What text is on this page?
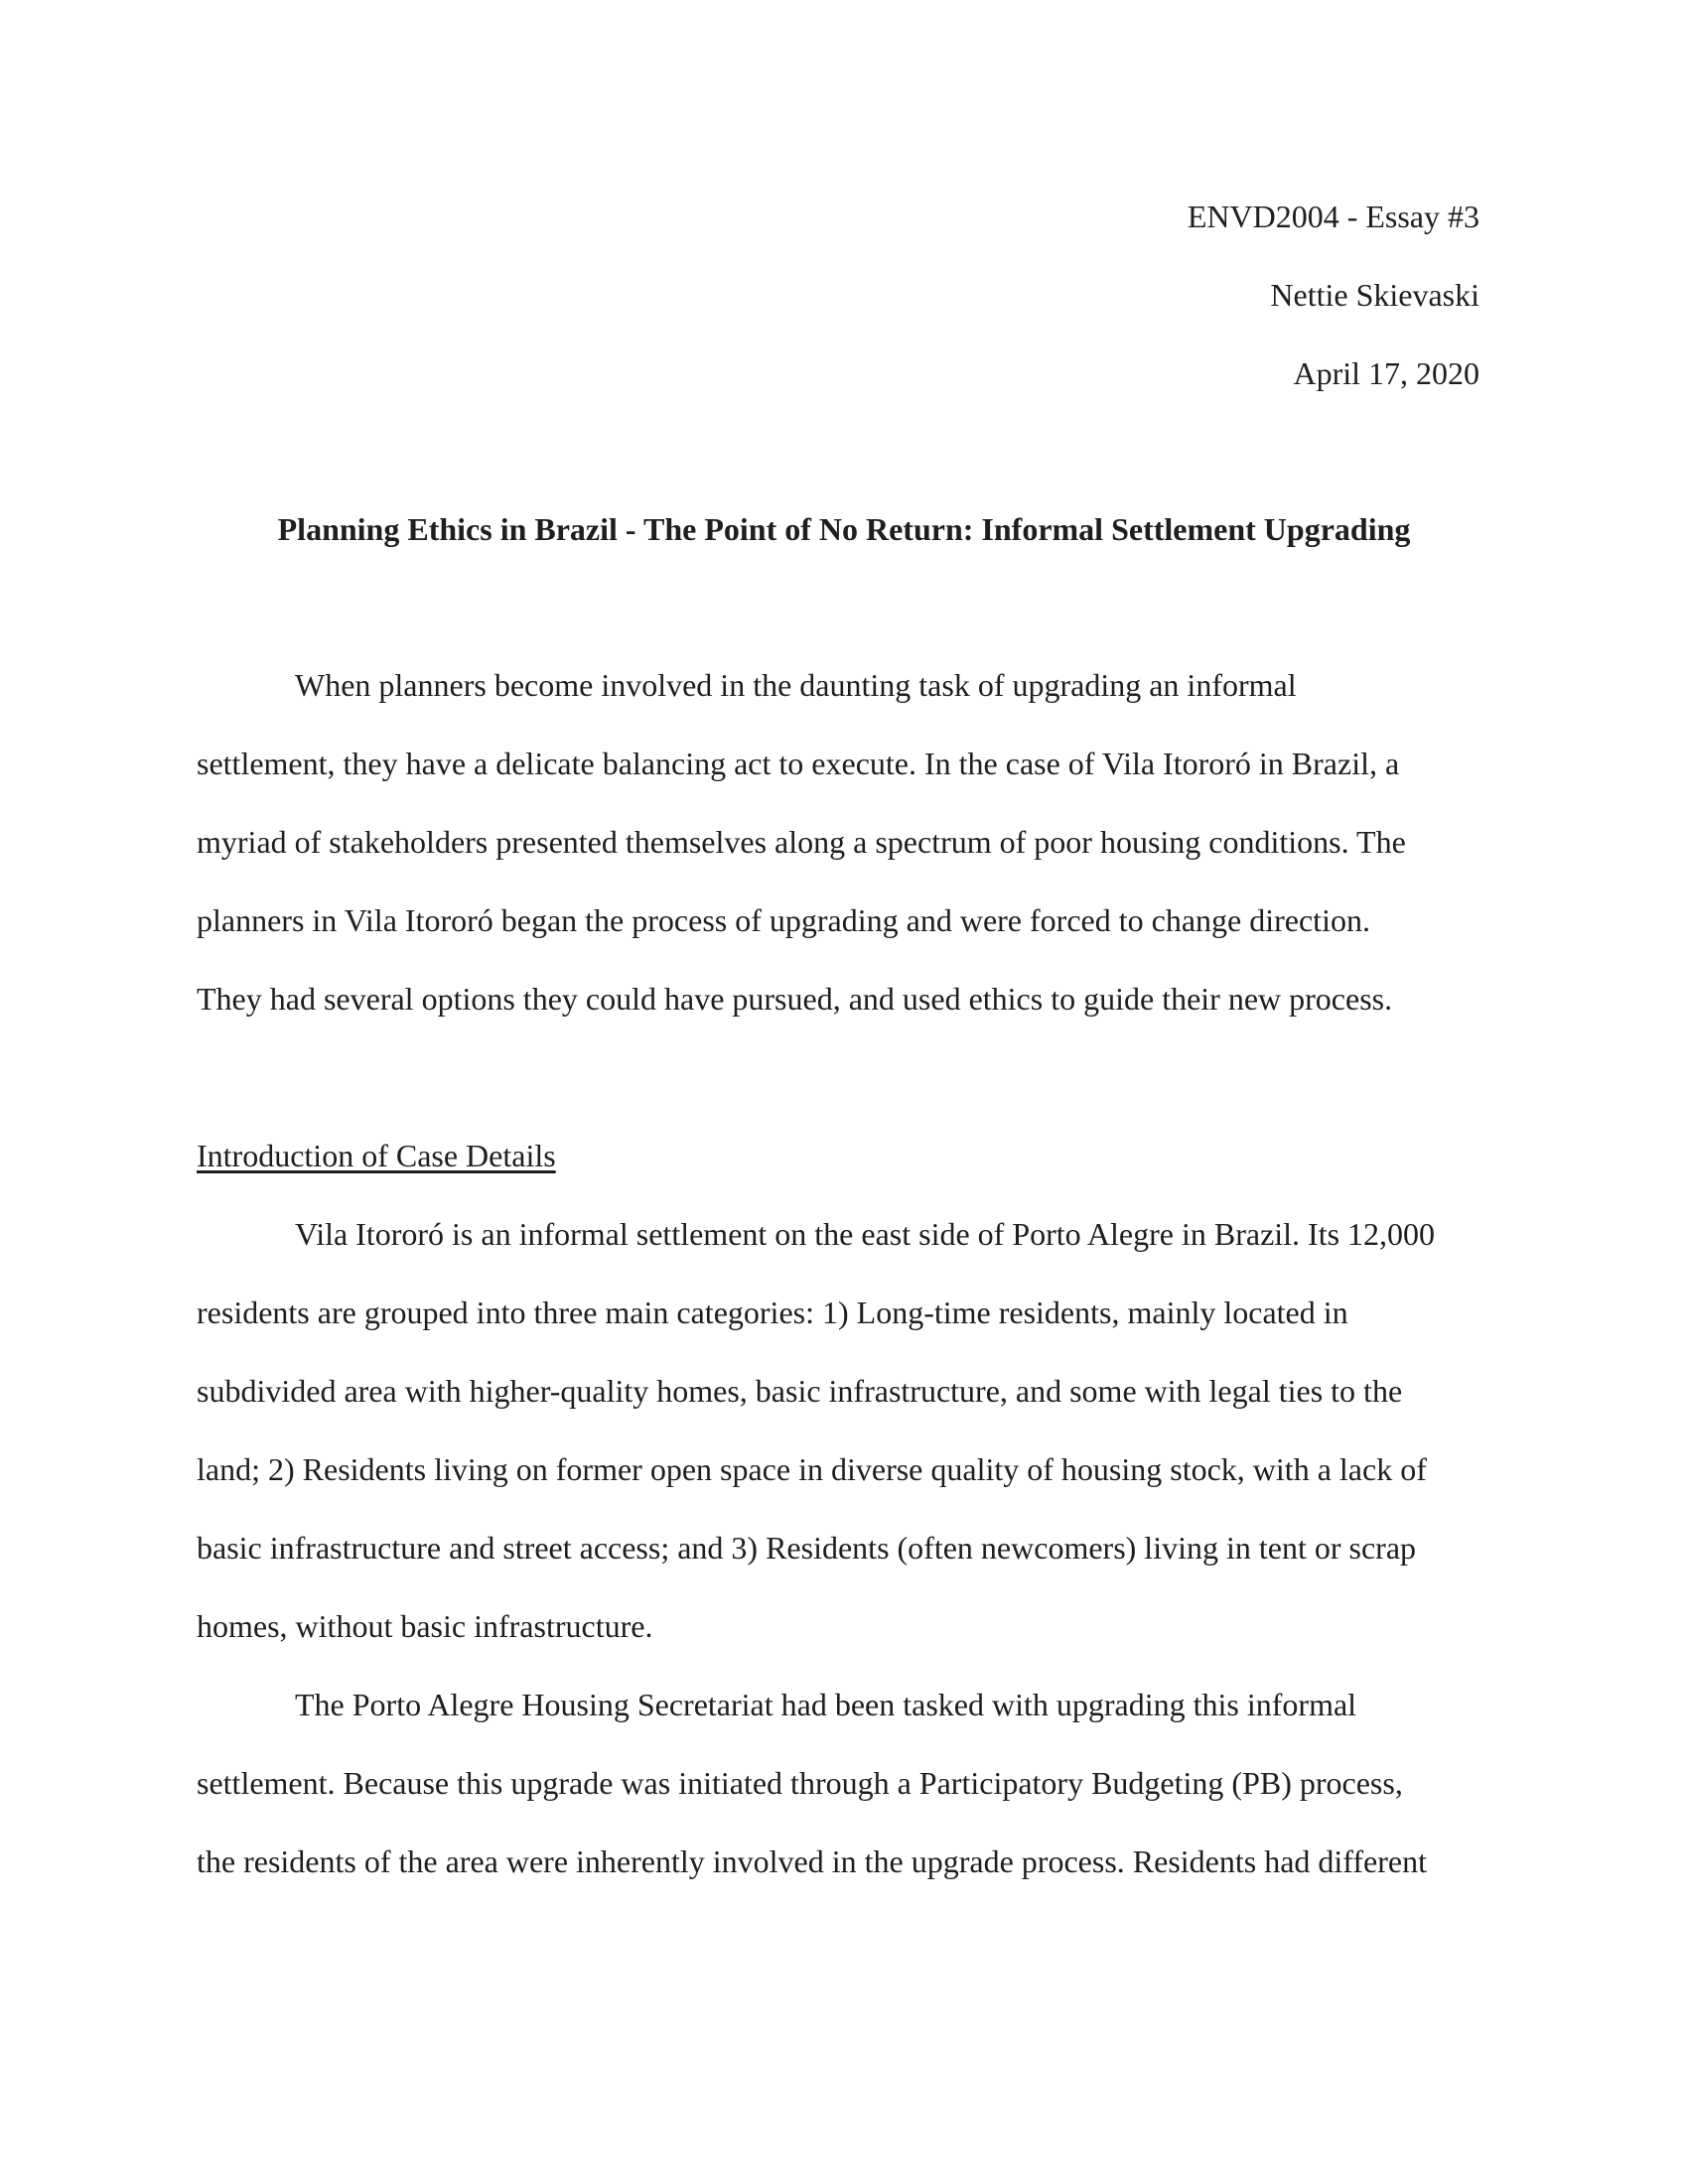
ENVD2004 - Essay #3
Nettie Skievaski
April 17, 2020
Planning Ethics in Brazil - The Point of No Return: Informal Settlement Upgrading
When planners become involved in the daunting task of upgrading an informal
settlement, they have a delicate balancing act to execute. In the case of Vila Itororó in Brazil, a
myriad of stakeholders presented themselves along a spectrum of poor housing conditions. The
planners in Vila Itororó began the process of upgrading and were forced to change direction.
They had several options they could have pursued, and used ethics to guide their new process.
Introduction of Case Details
Vila Itororó is an informal settlement on the east side of Porto Alegre in Brazil. Its 12,000
residents are grouped into three main categories: 1) Long-time residents, mainly located in
subdivided area with higher-quality homes, basic infrastructure, and some with legal ties to the
land; 2) Residents living on former open space in diverse quality of housing stock, with a lack of
basic infrastructure and street access; and 3) Residents (often newcomers) living in tent or scrap
homes, without basic infrastructure.
The Porto Alegre Housing Secretariat had been tasked with upgrading this informal
settlement. Because this upgrade was initiated through a Participatory Budgeting (PB) process,
the residents of the area were inherently involved in the upgrade process. Residents had different
